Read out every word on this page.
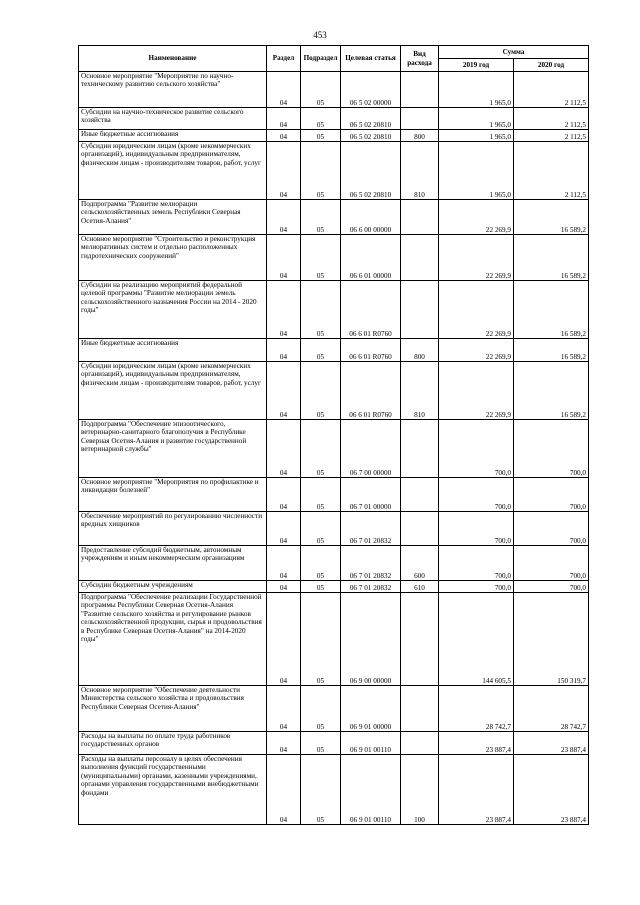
453
Наименование	Раздел	Подраздел	Целевая статья	Вид расхода	Сумма	
					2019 год	2020 год
Основное мероприятие "Мероприятие по научно-техническому развитию сельского хозяйства"	04	05	06 5 02 00000		1 965,0	2 112,5
Субсидии на научно-техническое развитие сельского хозяйства	04	05	06 5 02 20810		1 965,0	2 112,5
Иные бюджетные ассигнования	04	05	06 5 02 20810	800	1 965,0	2 112,5
Субсидии юридическим лицам (кроме некоммерческих организаций), индивидуальным предпринимателям, физическим лицам - производителям товаров, работ, услуг	04	05	06 5 02 20810	810	1 965,0	2 112,5
Подпрограмма "Развитие мелиорации сельскохозяйственных земель Республики Северная Осетия-Алания"	04	05	06 6 00 00000		22 269,9	16 589,2
Основное мероприятие "Строительство и реконструкция мелиоративных систем и отдельно расположенных гидротехнических сооружений"	04	05	06 6 01 00000		22 269,9	16 589,2
Субсидии на реализацию мероприятий федеральной целевой программы "Развитие мелиорации земель сельскохозяйственного назначения России на 2014 - 2020 годы"	04	05	06 6 01 R0760		22 269,9	16 589,2
Иные бюджетные ассигнования	04	05	06 6 01 R0760	800	22 269,9	16 589,2
Субсидии юридическим лицам (кроме некоммерческих организаций), индивидуальным предпринимателям, физическим лицам - производителям товаров, работ, услуг	04	05	06 6 01 R0760	810	22 269,9	16 589,2
Подпрограмма "Обеспечение эпизоотического, ветеринарно-санитарного благополучия в Республике Северная Осетия-Алания и развитие государственной ветеринарной службы"	04	05	06 7 00 00000		700,0	700,0
Основное мероприятие "Мероприятия по профилактике и ликвидации болезней"	04	05	06 7 01 00000		700,0	700,0
Обеспечение мероприятий по регулированию численности вредных хищников	04	05	06 7 01 20832		700,0	700,0
Предоставление субсидий бюджетным, автономным учреждениям и иным некоммерческим организациям	04	05	06 7 01 20832	600	700,0	700,0
Субсидии бюджетным учреждениям	04	05	06 7 01 20832	610	700,0	700,0
Подпрограмма "Обеспечение реализации Государственной программы Республики Северная Осетия-Алания "Развитие сельского хозяйства и регулирование рынков сельскохозяйственной продукции, сырья и продовольствия в Республике Северная Осетия-Алания" на 2014-2020 годы"	04	05	06 9 00 00000		144 605,5	150 319,7
Основное мероприятие "Обеспечение деятельности Министерства сельского хозяйства и продовольствия Республики Северная Осетия-Алания"	04	05	06 9 01 00000		28 742,7	28 742,7
Расходы на выплаты по оплате труда работников государственных органов	04	05	06 9 01 00110		23 887,4	23 887,4
Расходы на выплаты персоналу в целях обеспечения выполнения функций государственными (муниципальными) органами, казенными учреждениями, органами управления государственными внебюджетными фондами	04	05	06 9 01 00110	100	23 887,4	23 887,4
